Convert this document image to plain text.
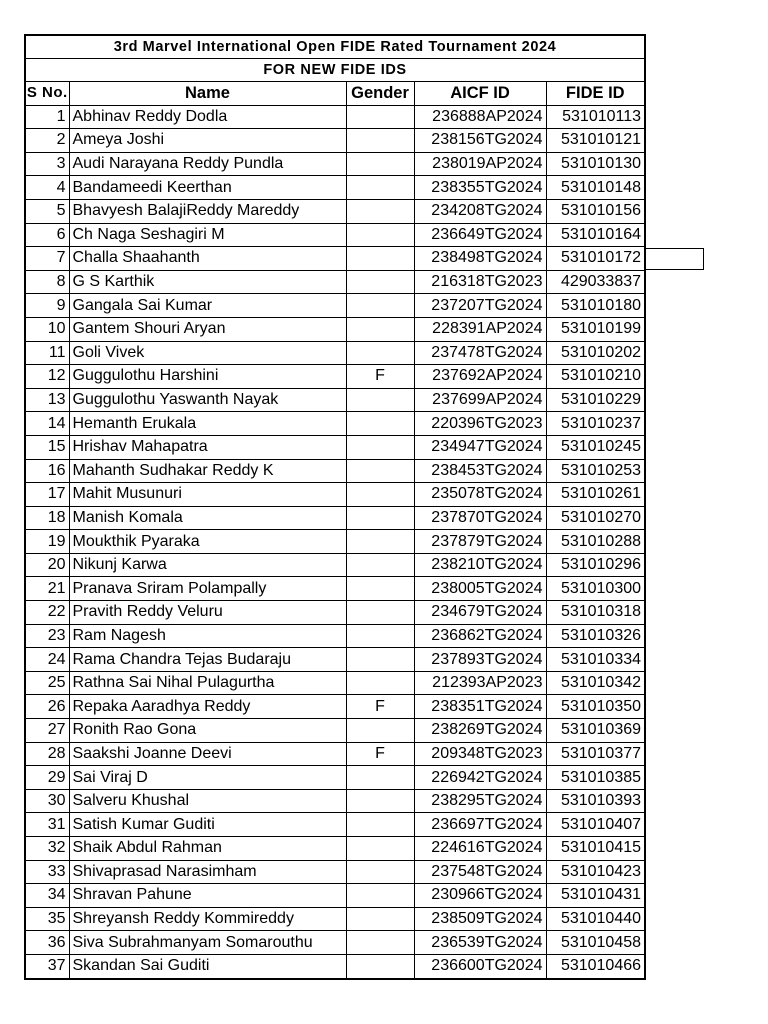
3rd Marvel International Open FIDE Rated Tournament 2024				
FOR NEW FIDE IDS				
S No.	Name	Gender	AICF ID	FIDE ID
1	Abhinav Reddy Dodla		236888AP2024	531010113
2	Ameya Joshi		238156TG2024	531010121
3	Audi Narayana Reddy Pundla		238019AP2024	531010130
4	Bandameedi Keerthan		238355TG2024	531010148
5	Bhavyesh BalajiReddy Mareddy		234208TG2024	531010156
6	Ch Naga Seshagiri M		236649TG2024	531010164
7	Challa Shaahanth		238498TG2024	531010172
8	G S Karthik		216318TG2023	429033837
9	Gangala Sai Kumar		237207TG2024	531010180
10	Gantem Shouri Aryan		228391AP2024	531010199
11	Goli Vivek		237478TG2024	531010202
12	Guggulothu Harshini	F	237692AP2024	531010210
13	Guggulothu Yaswanth Nayak		237699AP2024	531010229
14	Hemanth Erukala		220396TG2023	531010237
15	Hrishav Mahapatra		234947TG2024	531010245
16	Mahanth Sudhakar Reddy K		238453TG2024	531010253
17	Mahit Musunuri		235078TG2024	531010261
18	Manish Komala		237870TG2024	531010270
19	Moukthik Pyaraka		237879TG2024	531010288
20	Nikunj Karwa		238210TG2024	531010296
21	Pranava Sriram Polampally		238005TG2024	531010300
22	Pravith Reddy Veluru		234679TG2024	531010318
23	Ram Nagesh		236862TG2024	531010326
24	Rama Chandra Tejas Budaraju		237893TG2024	531010334
25	Rathna Sai Nihal Pulagurtha		212393AP2023	531010342
26	Repaka Aaradhya Reddy	F	238351TG2024	531010350
27	Ronith Rao Gona		238269TG2024	531010369
28	Saakshi Joanne Deevi	F	209348TG2023	531010377
29	Sai Viraj D		226942TG2024	531010385
30	Salveru Khushal		238295TG2024	531010393
31	Satish Kumar Guditi		236697TG2024	531010407
32	Shaik Abdul Rahman		224616TG2024	531010415
33	Shivaprasad Narasimham		237548TG2024	531010423
34	Shravan Pahune		230966TG2024	531010431
35	Shreyansh Reddy Kommireddy		238509TG2024	531010440
36	Siva Subrahmanyam Somarouthu		236539TG2024	531010458
37	Skandan Sai Guditi		236600TG2024	531010466
